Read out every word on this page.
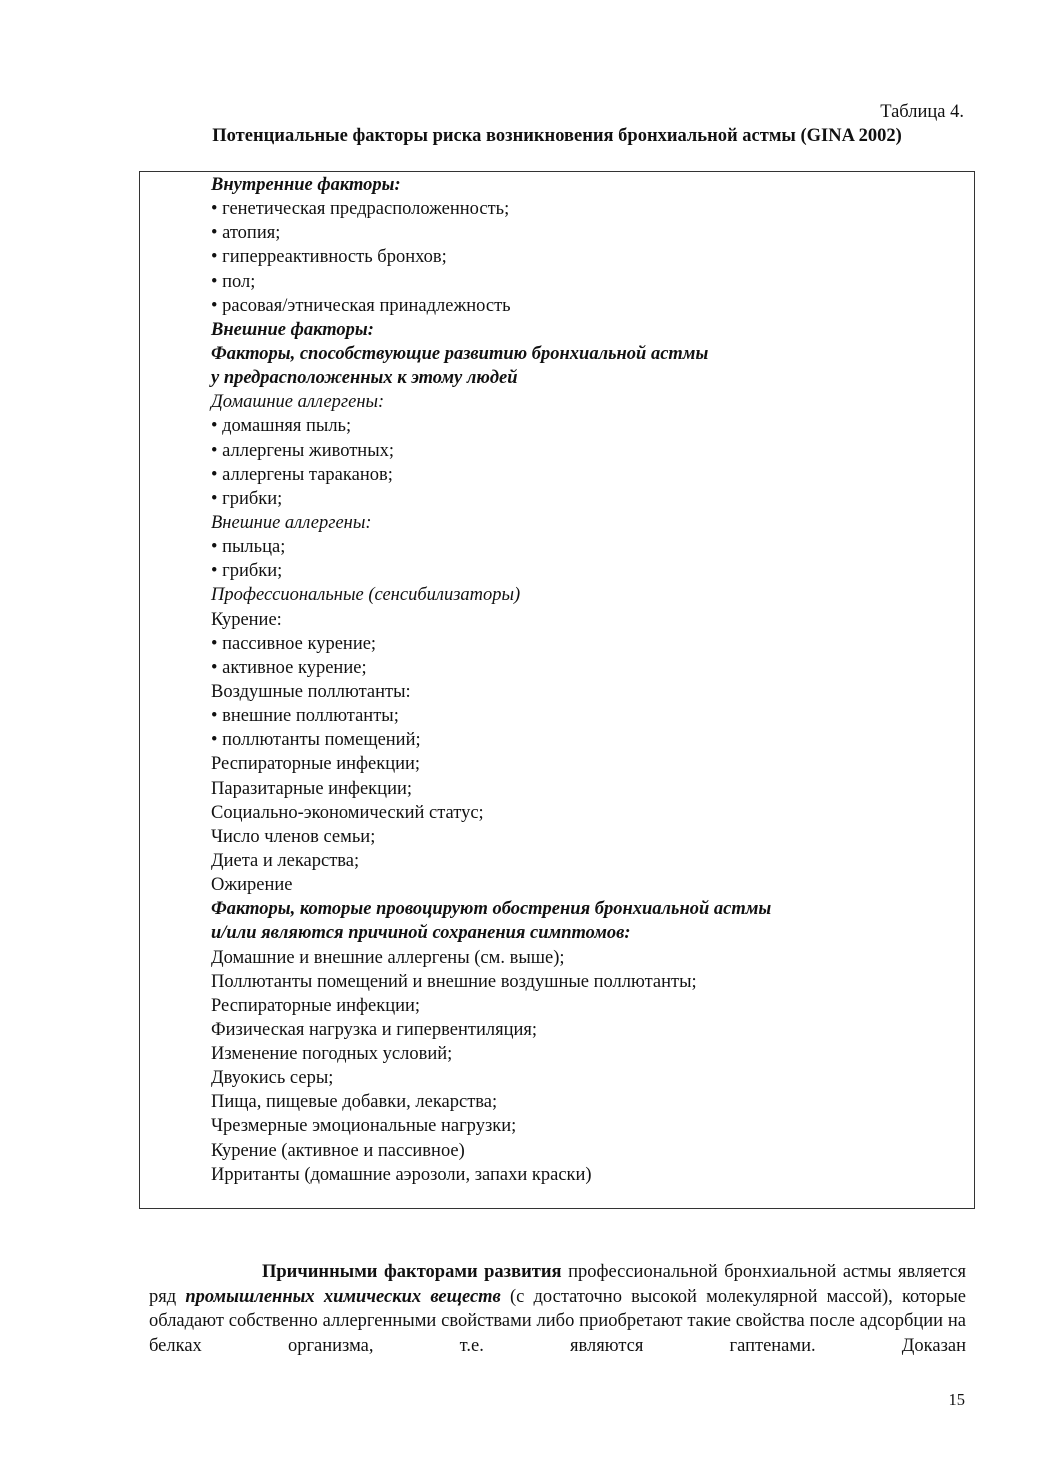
Таблица 4.
Потенциальные факторы риска возникновения бронхиальной астмы (GINA 2002)
Внутренние факторы:
• генетическая предрасположенность;
• атопия;
• гиперреактивность бронхов;
• пол;
• расовая/этническая принадлежность
Внешние факторы:
Факторы, способствующие развитию бронхиальной астмы
у предрасположенных к этому людей
Домашние аллергены:
• домашняя пыль;
• аллергены животных;
• аллергены тараканов;
• грибки;
Внешние аллергены:
• пыльца;
• грибки;
Профессиональные (сенсибилизаторы)
Курение:
• пассивное курение;
• активное курение;
Воздушные поллютанты:
• внешние поллютанты;
• поллютанты помещений;
Респираторные инфекции;
Паразитарные инфекции;
Социально-экономический статус;
Число членов семьи;
Диета и лекарства;
Ожирение
Факторы, которые провоцируют обострения бронхиальной астмы
и/или являются причиной сохранения симптомов:
Домашние и внешние аллергены (см. выше);
Поллютанты помещений и внешние воздушные поллютанты;
Респираторные инфекции;
Физическая нагрузка и гипервентиляция;
Изменение погодных условий;
Двуокись серы;
Пища, пищевые добавки, лекарства;
Чрезмерные эмоциональные нагрузки;
Курение (активное и пассивное)
Ирританты (домашние аэрозоли, запахи краски)

Причинными факторами развития профессиональной бронхиальной астмы является ряд промышленных химических веществ (с достаточно высокой молекулярной массой), которые обладают собственно аллергенными свойствами либо приобретают такие свойства после адсорбции на белках организма, т.е. являются гаптенами. Доказан

15
